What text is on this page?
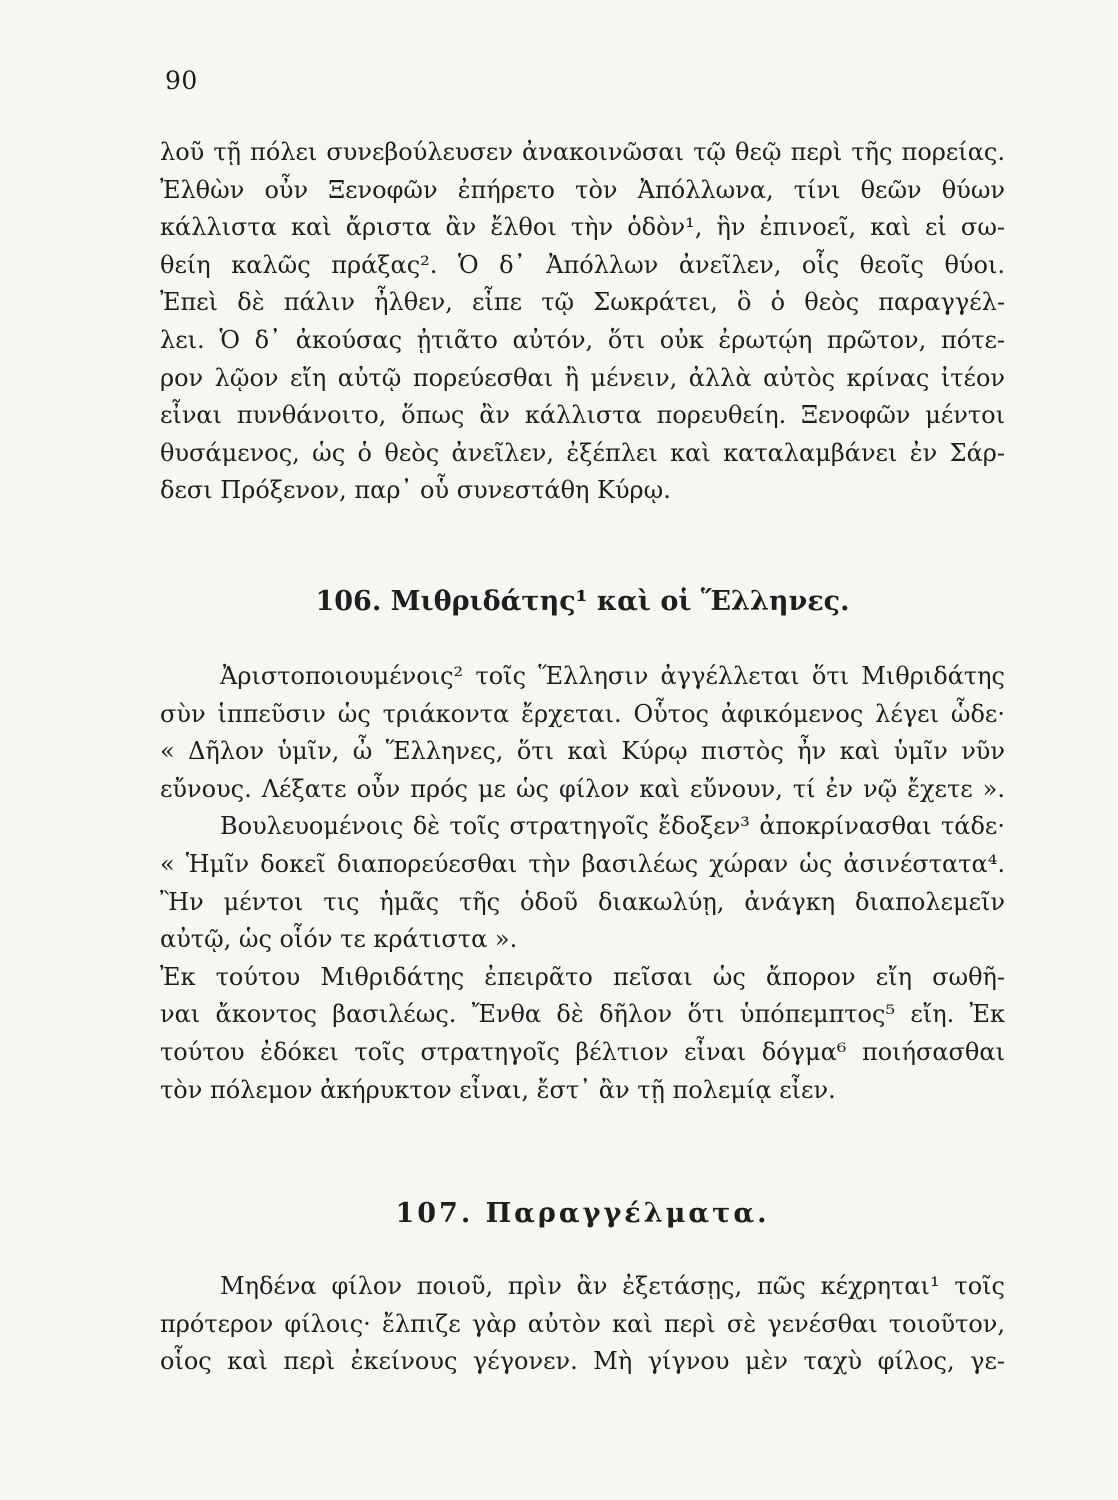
90
λοῦ τῇ πόλει συνεβούλευσεν ἀνακοινῶσαι τῷ θεῷ περὶ τῆς πορείας.
Ἐλθὼν οὖν Ξενοφῶν ἐπήρετο τὸν Ἀπόλλωνα, τίνι θεῶν θύων
κάλλιστα καὶ ἄριστα ἂν ἔλθοι τὴν ὁδὸν¹, ἣν ἐπινοεῖ, καὶ εἰ σω-
θείη καλῶς πράξας². Ὁ δ᾽ Ἀπόλλων ἀνεῖλεν, οἷς θεοῖς θύοι.
Ἐπεὶ δὲ πάλιν ἦλθεν, εἶπε τῷ Σωκράτει, ὃ ὁ θεὸς παραγγέλ-
λει. Ὁ δ᾽ ἀκούσας ᾐτιᾶτο αὐτόν, ὅτι οὐκ ἐρωτῴη πρῶτον, πότε-
ρον λῷον εἴη αὐτῷ πορεύεσθαι ἢ μένειν, ἀλλὰ αὐτὸς κρίνας ἰτέον
εἶναι πυνθάνοιτο, ὅπως ἂν κάλλιστα πορευθείη. Ξενοφῶν μέντοι
θυσάμενος, ὡς ὁ θεὸς ἀνεῖλεν, ἐξέπλει καὶ καταλαμβάνει ἐν Σάρ-
δεσι Πρόξενον, παρ᾽ οὗ συνεστάθη Κύρῳ.
106. Μιθριδάτης¹ καὶ οἱ Ἕλληνες.
Ἀριστοποιουμένοις² τοῖς Ἕλλησιν ἀγγέλλεται ὅτι Μιθριδάτης
σὺν ἱππεῦσιν ὡς τριάκοντα ἔρχεται. Οὗτος ἀφικόμενος λέγει ὧδε·
« Δῆλον ὑμῖν, ὦ Ἕλληνες, ὅτι καὶ Κύρῳ πιστὸς ἦν καὶ ὑμῖν νῦν
εὔνους. Λέξατε οὖν πρός με ὡς φίλον καὶ εὔνουν, τί ἐν νῷ ἔχετε ».
Βουλευομένοις δὲ τοῖς στρατηγοῖς ἔδοξεν³ ἀποκρίνασθαι τάδε·
« Ἡμῖν δοκεῖ διαπορεύεσθαι τὴν βασιλέως χώραν ὡς ἀσινέστατα⁴.
Ἢν μέντοι τις ἡμᾶς τῆς ὁδοῦ διακωλύῃ, ἀνάγκη διαπολεμεῖν
αὐτῷ, ὡς οἷόν τε κράτιστα ».
Ἐκ τούτου Μιθριδάτης ἐπειρᾶτο πεῖσαι ὡς ἄπορον εἴη σωθῆ-
ναι ἄκοντος βασιλέως. Ἔνθα δὲ δῆλον ὅτι ὑπόπεμπτος⁵ εἴη. Ἐκ
τούτου ἐδόκει τοῖς στρατηγοῖς βέλτιον εἶναι δόγμα⁶ ποιήσασθαι
τὸν πόλεμον ἀκήρυκτον εἶναι, ἔστ᾽ ἂν τῇ πολεμίᾳ εἶεν.
107. Παραγγέλματα.
Μηδένα φίλον ποιοῦ, πρὶν ἂν ἐξετάσῃς, πῶς κέχρηται¹ τοῖς
πρότερον φίλοις· ἔλπιζε γὰρ αὐτὸν καὶ περὶ σὲ γενέσθαι τοιοῦτον,
οἷος καὶ περὶ ἐκείνους γέγονεν. Μὴ γίγνου μὲν ταχὺ φίλος, γε-
